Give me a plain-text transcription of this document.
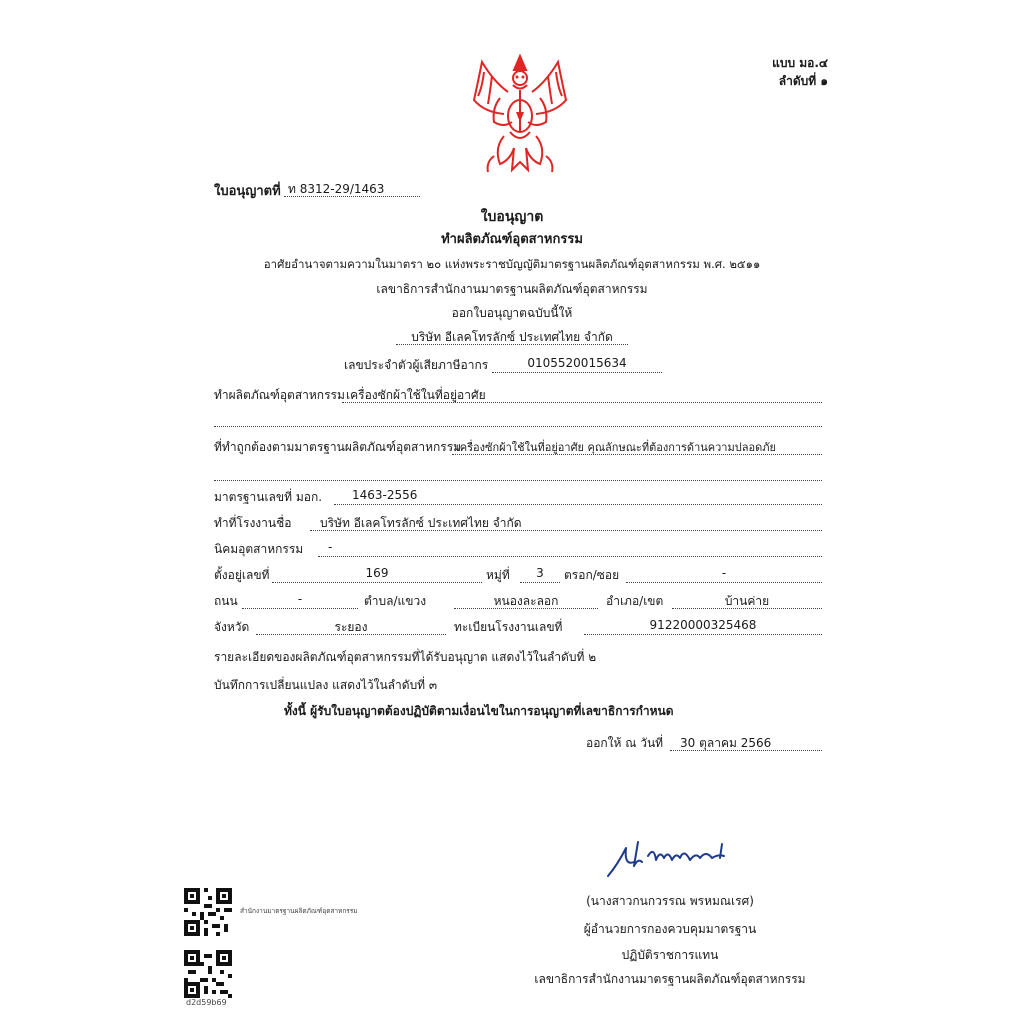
แบบ มอ.๔
ลำดับที่ ๑
ใบอนุญาตที่ ท 8312-29/1463
ใบอนุญาต
ทำผลิตภัณฑ์อุตสาหกรรม
อาศัยอำนาจตามความในมาตรา ๒๐ แห่งพระราชบัญญัติมาตรฐานผลิตภัณฑ์อุตสาหกรรม พ.ศ. ๒๕๑๑
เลขาธิการสำนักงานมาตรฐานผลิตภัณฑ์อุตสาหกรรม
ออกใบอนุญาตฉบับนี้ให้
บริษัท อีเลคโทรลักซ์ ประเทศไทย จำกัด
เลขประจำตัวผู้เสียภาษีอากร	0105520015634
ทำผลิตภัณฑ์อุตสาหกรรม เครื่องซักผ้าใช้ในที่อยู่อาศัย
ที่ทำถูกต้องตามมาตรฐานผลิตภัณฑ์อุตสาหกรรม
เครื่องซักผ้าใช้ในที่อยู่อาศัย คุณลักษณะที่ต้องการด้านความปลอดภัย
มาตรฐานเลขที่ มอก.	1463-2556
ทำที่โรงงานชื่อ	บริษัท อีเลคโทรลักซ์ ประเทศไทย จำกัด
นิคมอุตสาหกรรม	-
ตั้งอยู่เลขที่	169	หมู่ที่	3	ตรอก/ซอย	-
ถนน	-	ตำบล/แขวง	หนองละลอก	อำเภอ/เขต	บ้านค่าย
จังหวัด	ระยอง	ทะเบียนโรงงานเลขที่	91220000325468
รายละเอียดของผลิตภัณฑ์อุตสาหกรรมที่ได้รับอนุญาต แสดงไว้ในลำดับที่ ๒
บันทึกการเปลี่ยนแปลง แสดงไว้ในลำดับที่ ๓
ทั้งนี้ ผู้รับใบอนุญาตต้องปฏิบัติตามเงื่อนไขในการอนุญาตที่เลขาธิการกำหนด
ออกให้ ณ วันที่	30 ตุลาคม 2566
(นางสาวกนกวรรณ พรหมณเรศ)
ผู้อำนวยการกองควบคุมมาตรฐาน
ปฏิบัติราชการแทน
เลขาธิการสำนักงานมาตรฐานผลิตภัณฑ์อุตสาหกรรม
สำนักงานมาตรฐานผลิตภัณฑ์อุตสาหกรรม
d2d59b69
